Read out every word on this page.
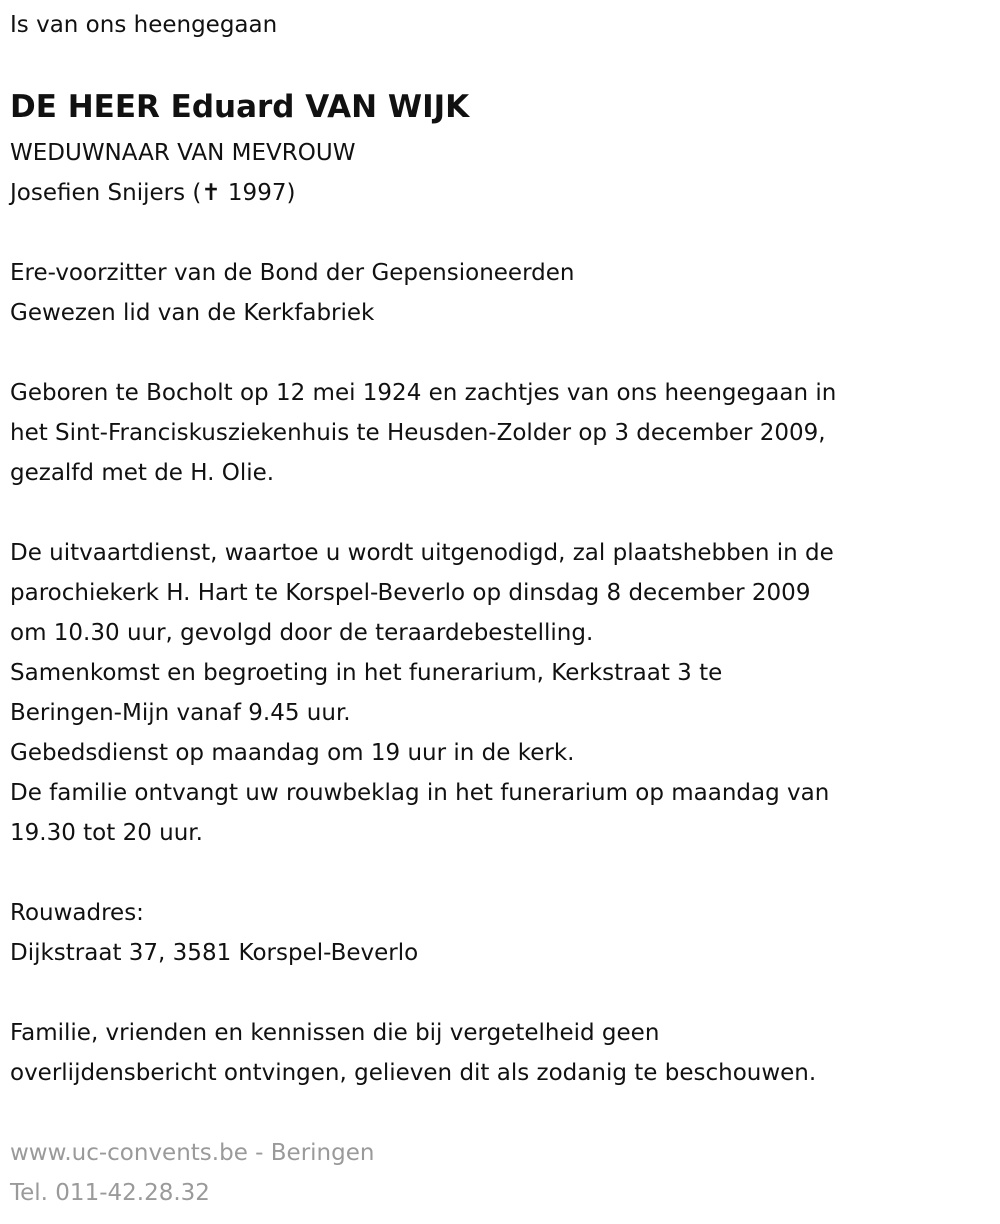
Is van ons heengegaan
DE HEER Eduard VAN WIJK
WEDUWNAAR VAN MEVROUW
Josefien Snijers (✝ 1997)
Ere-voorzitter van de Bond der Gepensioneerden
Gewezen lid van de Kerkfabriek
Geboren te Bocholt op 12 mei 1924 en zachtjes van ons heengegaan in
het Sint-Franciskusziekenhuis te Heusden-Zolder op 3 december 2009,
gezalfd met de H. Olie.
De uitvaartdienst, waartoe u wordt uitgenodigd, zal plaatshebben in de
parochiekerk H. Hart te Korspel-Beverlo op dinsdag 8 december 2009
om 10.30 uur, gevolgd door de teraardebestelling.
Samenkomst en begroeting in het funerarium, Kerkstraat 3 te
Beringen-Mijn vanaf 9.45 uur.
Gebedsdienst op maandag om 19 uur in de kerk.
De familie ontvangt uw rouwbeklag in het funerarium op maandag van
19.30 tot 20 uur.
Rouwadres:
Dijkstraat 37, 3581 Korspel-Beverlo
Familie, vrienden en kennissen die bij vergetelheid geen
overlijdensbericht ontvingen, gelieven dit als zodanig te beschouwen.
www.uc-convents.be - Beringen
Tel. 011-42.28.32
